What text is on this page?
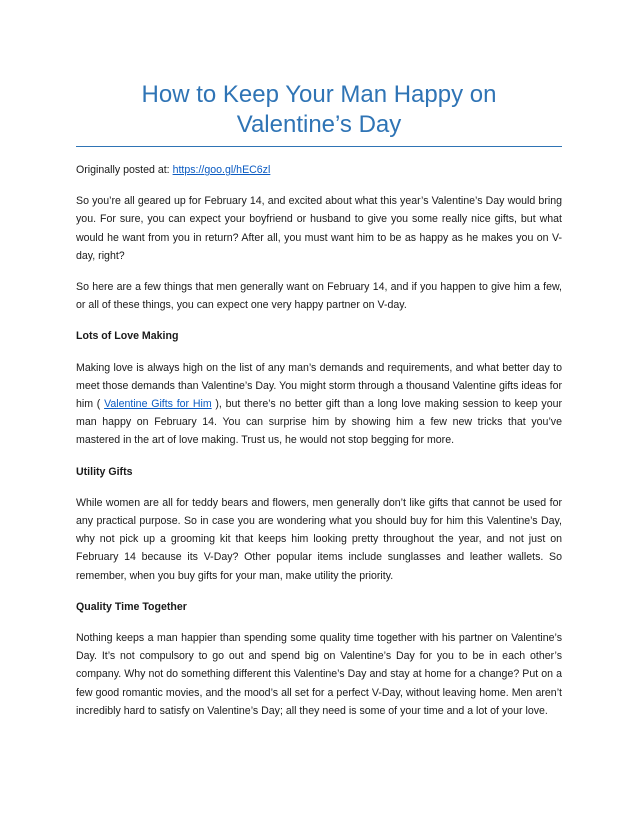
How to Keep Your Man Happy on
Valentine’s Day

Originally posted at: https://goo.gl/hEC6zl

So you’re all geared up for February 14, and excited about what this year’s Valentine’s Day would bring you. For sure, you can expect your boyfriend or husband to give you some really nice gifts, but what would he want from you in return? After all, you must want him to be as happy as he makes you on V-day, right?

So here are a few things that men generally want on February 14, and if you happen to give him a few, or all of these things, you can expect one very happy partner on V-day.

Lots of Love Making

Making love is always high on the list of any man’s demands and requirements, and what better day to meet those demands than Valentine’s Day. You might storm through a thousand Valentine gifts ideas for him ( Valentine Gifts for Him ), but there’s no better gift than a long love making session to keep your man happy on February 14. You can surprise him by showing him a few new tricks that you’ve mastered in the art of love making. Trust us, he would not stop begging for more.

Utility Gifts

While women are all for teddy bears and flowers, men generally don’t like gifts that cannot be used for any practical purpose. So in case you are wondering what you should buy for him this Valentine’s Day, why not pick up a grooming kit that keeps him looking pretty throughout the year, and not just on February 14 because its V-Day? Other popular items include sunglasses and leather wallets. So remember, when you buy gifts for your man, make utility the priority.

Quality Time Together

Nothing keeps a man happier than spending some quality time together with his partner on Valentine’s Day. It’s not compulsory to go out and spend big on Valentine’s Day for you to be in each other’s company. Why not do something different this Valentine’s Day and stay at home for a change? Put on a few good romantic movies, and the mood’s all set for a perfect V-Day, without leaving home. Men aren’t incredibly hard to satisfy on Valentine’s Day; all they need is some of your time and a lot of your love.
